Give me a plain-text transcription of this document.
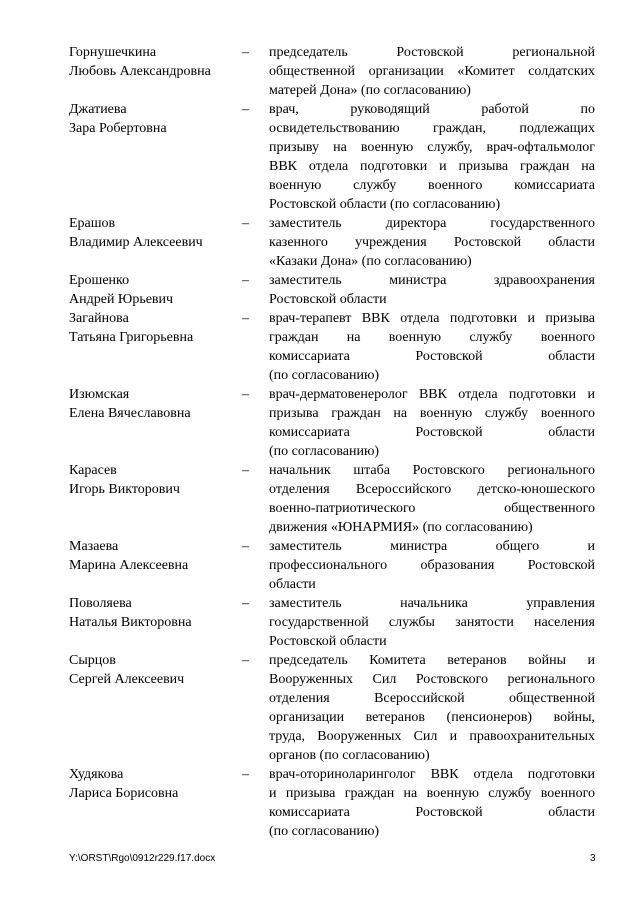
Горнушечкина
Любовь Александровна
– председатель Ростовской региональной
общественной организации «Комитет солдатских
матерей Дона» (по согласованию)
Джатиева
Зара Робертовна
– врач, руководящий работой по
освидетельствованию граждан, подлежащих
призыву на военную службу, врач-офтальмолог
ВВК отдела подготовки и призыва граждан на
военную службу военного комиссариата
Ростовской области (по согласованию)
Ерашов
Владимир Алексеевич
– заместитель директора государственного
казенного учреждения Ростовской области
«Казаки Дона» (по согласованию)
Ерошенко
Андрей Юрьевич
– заместитель министра здравоохранения
Ростовской области
Загайнова
Татьяна Григорьевна
– врач-терапевт ВВК отдела подготовки и призыва
граждан на военную службу военного
комиссариата Ростовской области
(по согласованию)
Изюмская
Елена Вячеславовна
– врач-дерматовенеролог ВВК отдела подготовки и
призыва граждан на военную службу военного
комиссариата Ростовской области
(по согласованию)
Карасев
Игорь Викторович
– начальник штаба Ростовского регионального
отделения Всероссийского детско-юношеского
военно-патриотического общественного
движения «ЮНАРМИЯ» (по согласованию)
Мазаева
Марина Алексеевна
– заместитель министра общего и
профессионального образования Ростовской
области
Поволяева
Наталья Викторовна
– заместитель начальника управления
государственной службы занятости населения
Ростовской области
Сырцов
Сергей Алексеевич
– председатель Комитета ветеранов войны и
Вооруженных Сил Ростовского регионального
отделения Всероссийской общественной
организации ветеранов (пенсионеров) войны,
труда, Вооруженных Сил и правоохранительных
органов (по согласованию)
Худякова
Лариса Борисовна
– врач-оториноларинголог ВВК отдела подготовки
и призыва граждан на военную службу военного
комиссариата Ростовской области
(по согласованию)
Y:\ORST\Rgo\0912r229.f17.docx	3
